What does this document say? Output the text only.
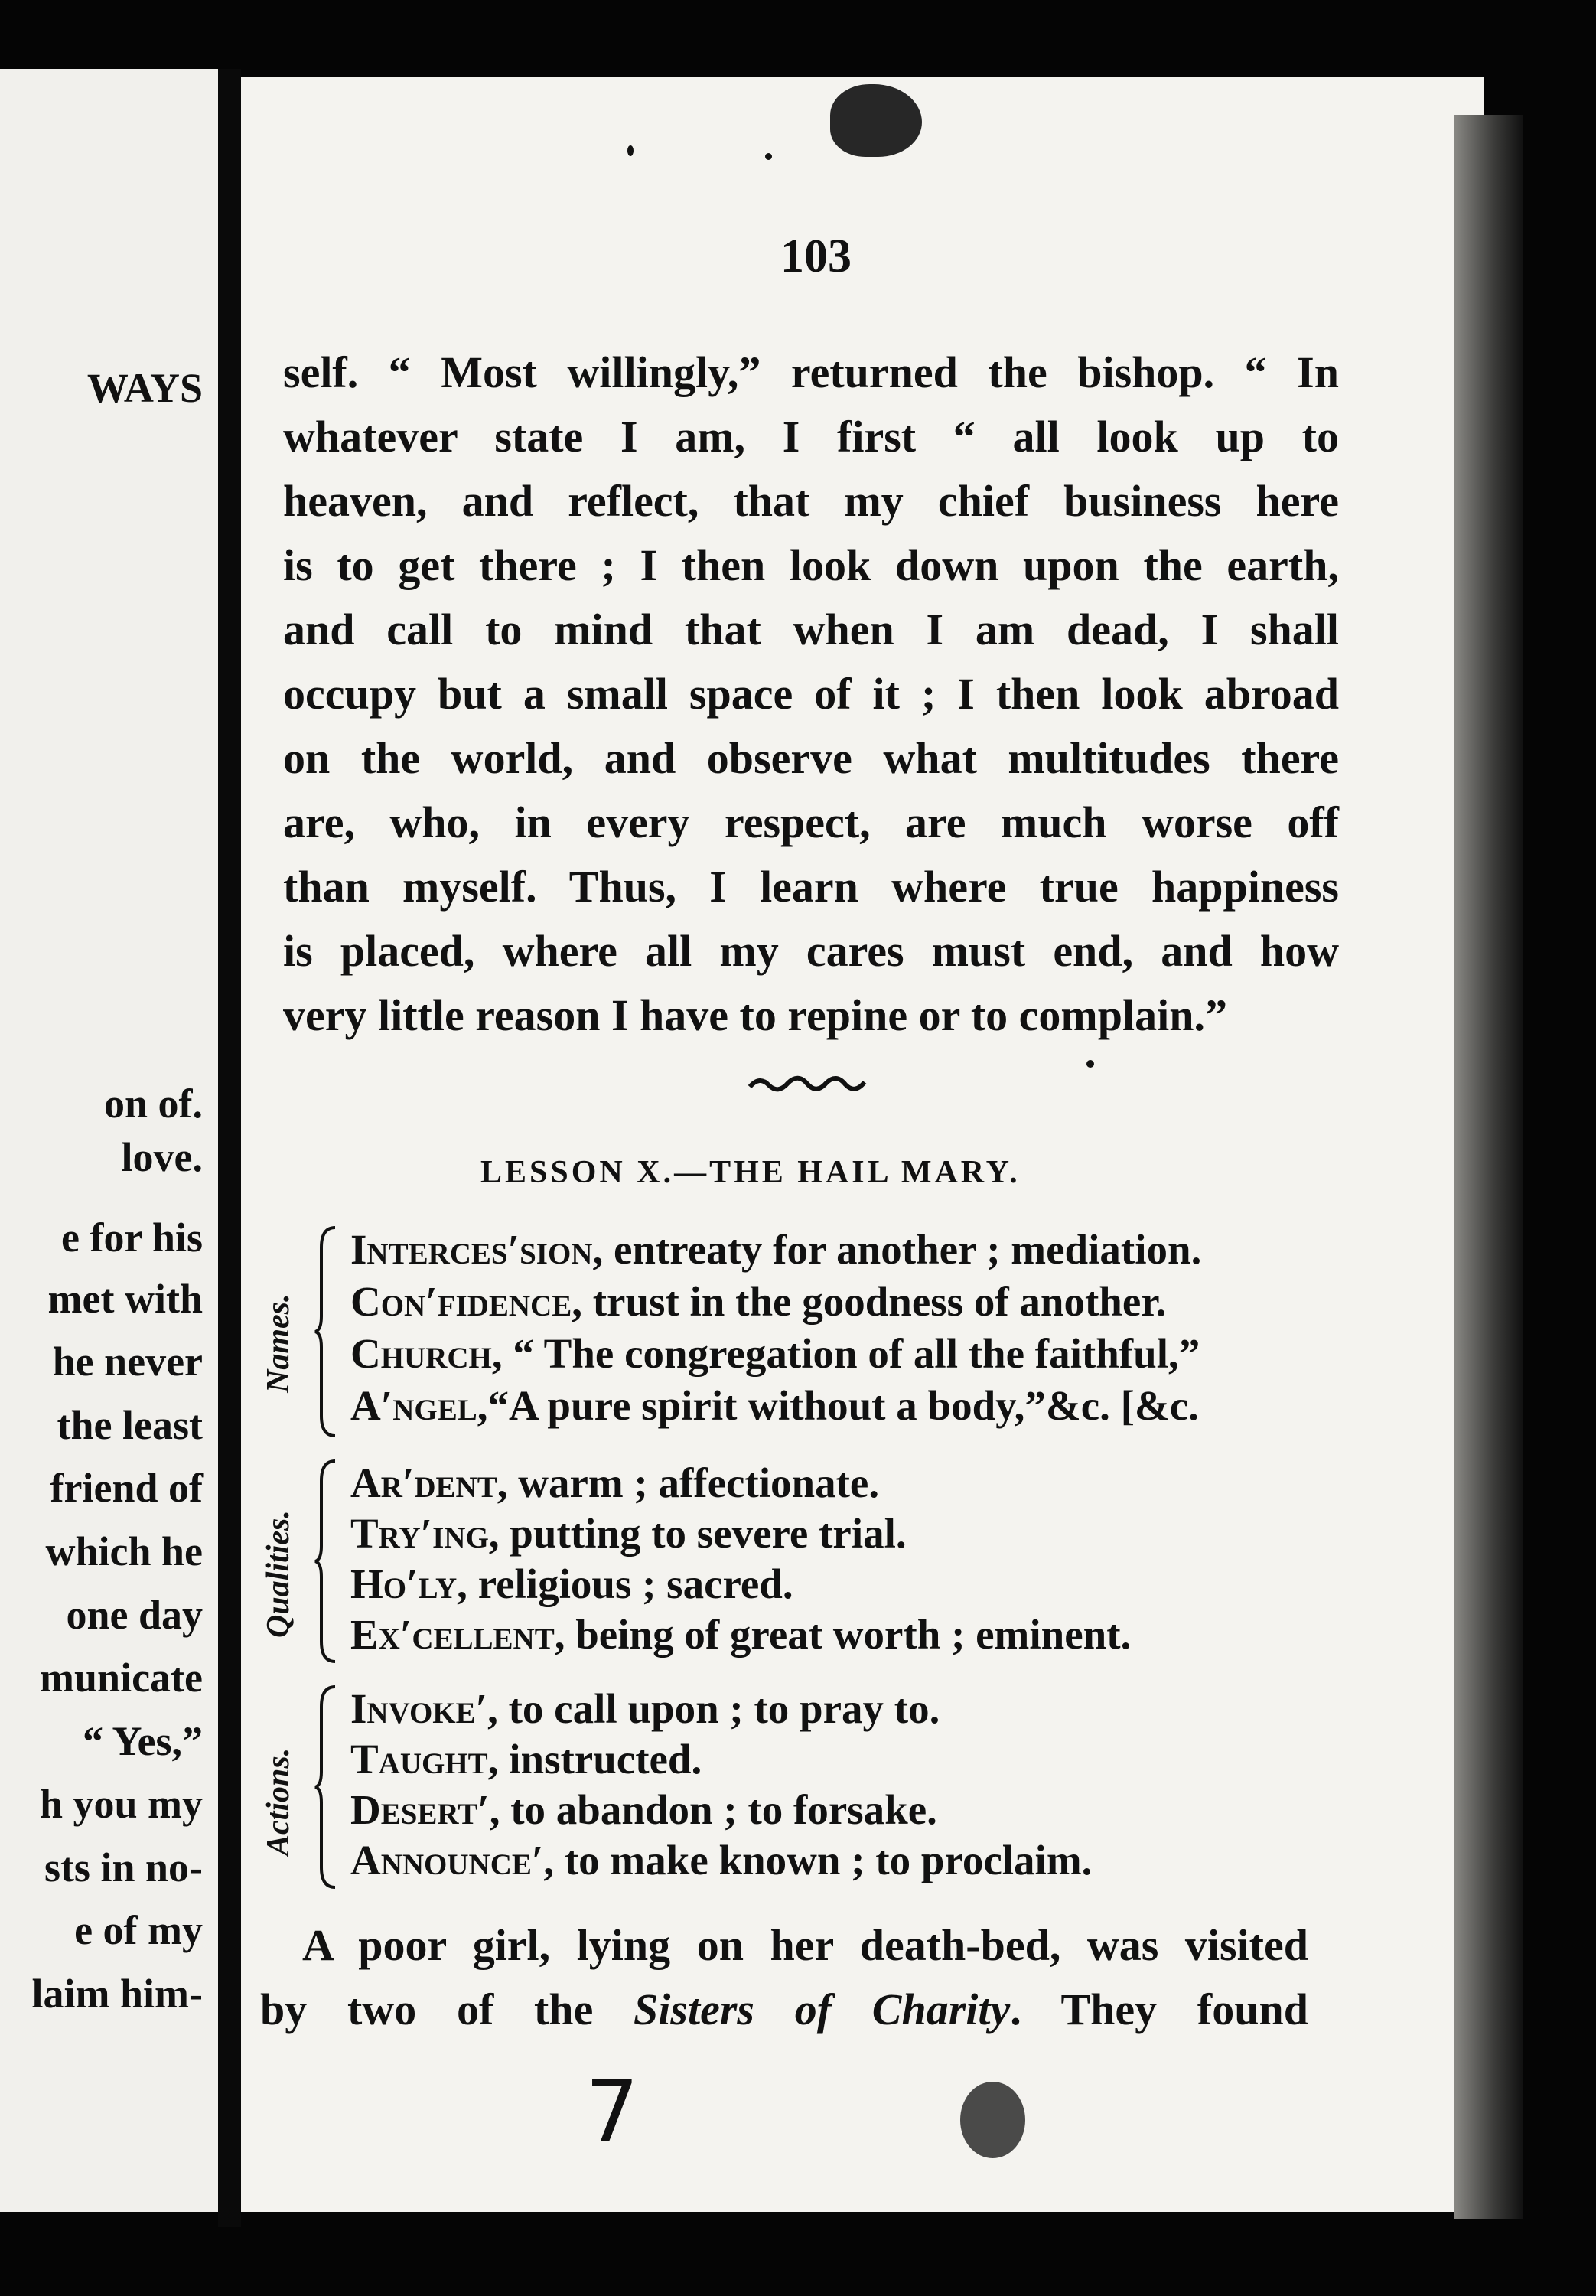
WAYS
on of.
love.
e for his
met with
he never
the least
friend of
which he
one day
municate
“ Yes,”
h you my
sts in no-
e of my
laim him-
103
self. “ Most willingly,” returned the bishop. “ In
whatever state I am, I first “ all look up to
heaven, and reflect, that my chief business here
is to get there ; I then look down upon the earth,
and call to mind that when I am dead, I shall
occupy but a small space of it ; I then look abroad
on the world, and observe what multitudes there
are, who, in every respect, are much worse off
than myself. Thus, I learn where true happiness
is placed, where all my cares must end, and how
very little reason I have to repine or to complain.”
LESSON X.—THE HAIL MARY.
Names.
Interces′sion, entreaty for another ; mediation.
Con′fidence, trust in the goodness of another.
Church, “ The congregation of all the faithful,”
A′ngel,“A pure spirit without a body,”&c. [&c.
Qualities.
Ar′dent, warm ; affectionate.
Try′ing, putting to severe trial.
Ho′ly, religious ; sacred.
Ex′cellent, being of great worth ; eminent.
Actions.
Invoke′, to call upon ; to pray to.
Taught, instructed.
Desert′, to abandon ; to forsake.
Announce′, to make known ; to proclaim.
A poor girl, lying on her death-bed, was visited
by two of the Sisters of Charity. They found
7
